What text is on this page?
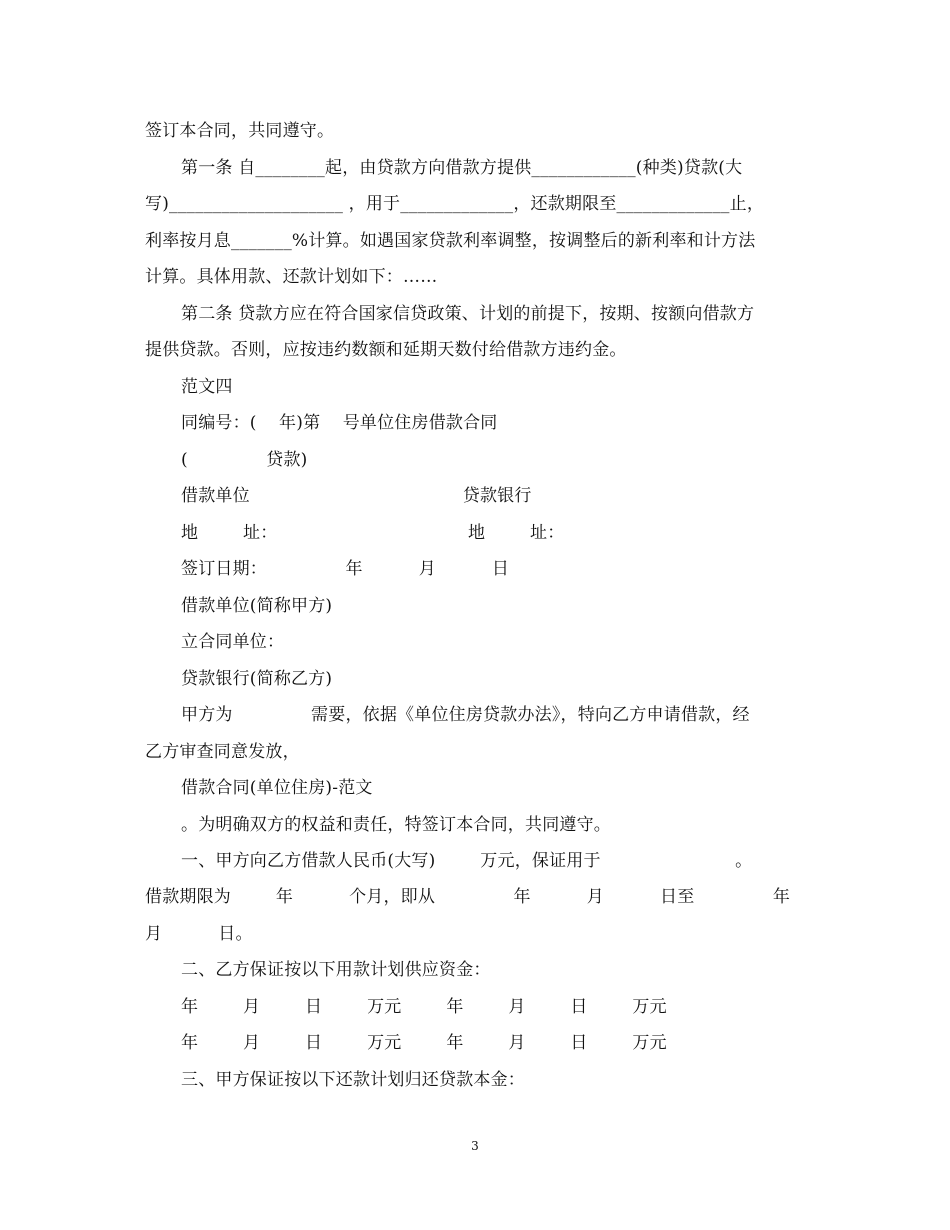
签订本合同，共同遵守。
第一条 自________起，由贷款方向借款方提供____________(种类)贷款(大
写)____________________ ，用于_____________，还款期限至_____________止，
利率按月息_______%计算。如遇国家贷款利率调整，按调整后的新利率和计方法
计算。具体用款、还款计划如下：……
第二条 贷款方应在符合国家信贷政策、计划的前提下，按期、按额向借款方
提供贷款。否则，应按违约数额和延期天数付给借款方违约金。
范文四
同编号：(    年)第    号单位住房借款合同
(              贷款)
借款单位                                      贷款银行
地        址：                                  地        址：
签订日期：              年          月          日
借款单位(简称甲方)
立合同单位：
贷款银行(简称乙方)
甲方为              需要，依据《单位住房贷款办法》，特向乙方申请借款，经
乙方审查同意发放，
借款合同(单位住房)-范文
。为明确双方的权益和责任，特签订本合同，共同遵守。
一、甲方向乙方借款人民币(大写)        万元，保证用于                        。
借款期限为        年          个月，即从              年          月          日至              年
月          日。
二、乙方保证按以下用款计划供应资金：
年        月        日        万元        年        月        日        万元
年        月        日        万元        年        月        日        万元
三、甲方保证按以下还款计划归还贷款本金：
3
